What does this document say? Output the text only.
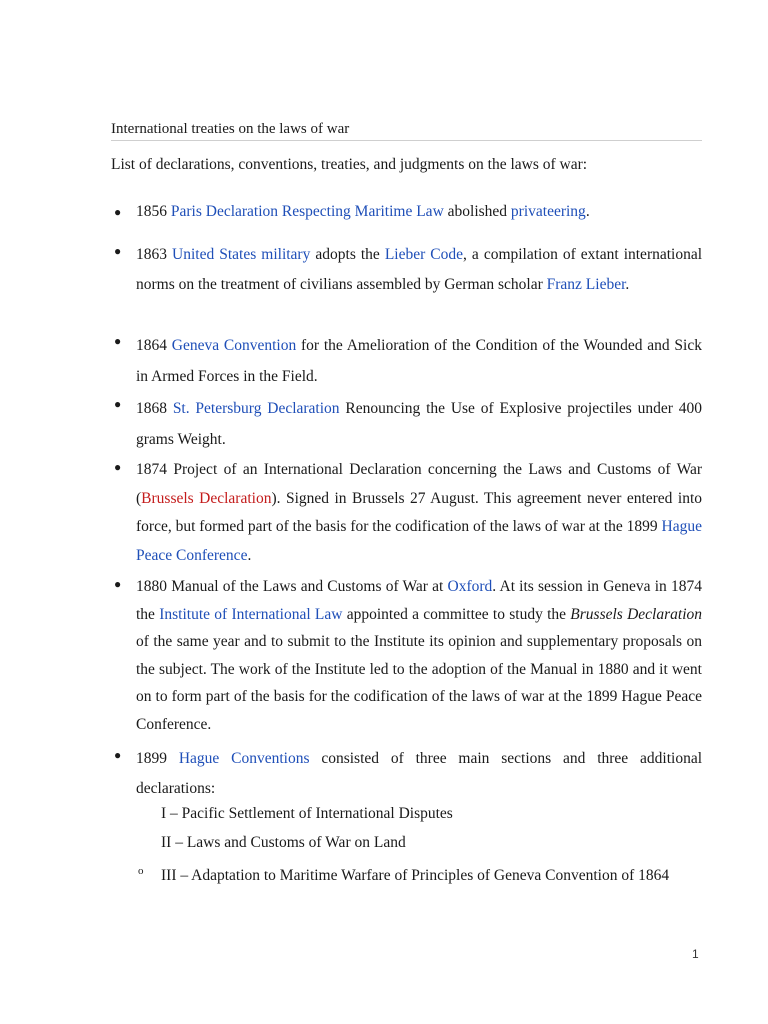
International treaties on the laws of war
List of declarations, conventions, treaties, and judgments on the laws of war:
● 1856 Paris Declaration Respecting Maritime Law abolished privateering.
● 1863 United States military adopts the Lieber Code, a compilation of extant international norms on the treatment of civilians assembled by German scholar Franz Lieber.
● 1864 Geneva Convention for the Amelioration of the Condition of the Wounded and Sick in Armed Forces in the Field.
● 1868 St. Petersburg Declaration Renouncing the Use of Explosive projectiles under 400 grams Weight.
● 1874 Project of an International Declaration concerning the Laws and Customs of War (Brussels Declaration). Signed in Brussels 27 August. This agreement never entered into force, but formed part of the basis for the codification of the laws of war at the 1899 Hague Peace Conference.
● 1880 Manual of the Laws and Customs of War at Oxford. At its session in Geneva in 1874 the Institute of International Law appointed a committee to study the Brussels Declaration of the same year and to submit to the Institute its opinion and supplementary proposals on the subject. The work of the Institute led to the adoption of the Manual in 1880 and it went on to form part of the basis for the codification of the laws of war at the 1899 Hague Peace Conference.
● 1899 Hague Conventions consisted of three main sections and three additional declarations:
I – Pacific Settlement of International Disputes
II – Laws and Customs of War on Land
o III – Adaptation to Maritime Warfare of Principles of Geneva Convention of 1864
1
